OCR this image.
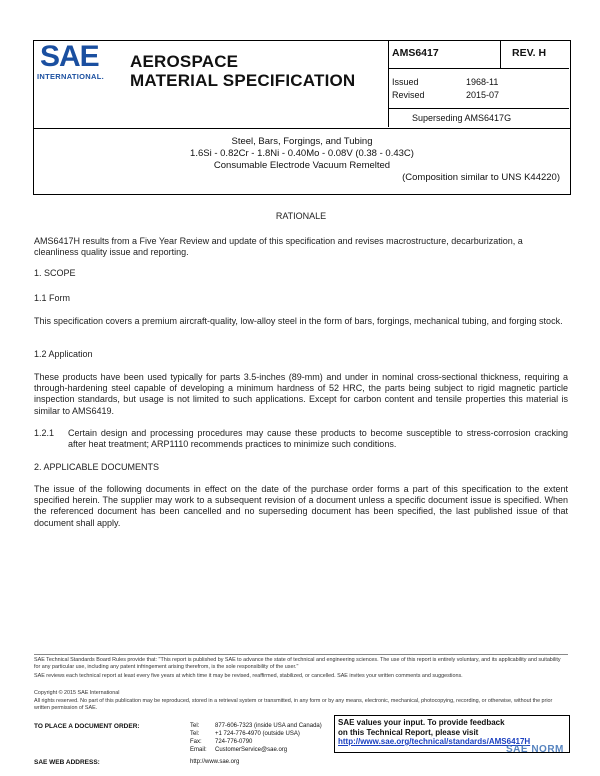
SAE
INTERNATIONAL.
AEROSPACE
MATERIAL SPECIFICATION
AMS6417	REV. H
Issued	1968-11
Revised	2015-07
Superseding AMS6417G
Steel, Bars, Forgings, and Tubing
1.6Si - 0.82Cr - 1.8Ni - 0.40Mo - 0.08V (0.38 - 0.43C)
Consumable Electrode Vacuum Remelted
(Composition similar to UNS K44220)
RATIONALE
AMS6417H results from a Five Year Review and update of this specification and revises macrostructure, decarburization, a cleanliness quality issue and reporting.
1. SCOPE
1.1 Form
This specification covers a premium aircraft-quality, low-alloy steel in the form of bars, forgings, mechanical tubing, and forging stock.
1.2 Application
These products have been used typically for parts 3.5-inches (89-mm) and under in nominal cross-sectional thickness, requiring a through-hardening steel capable of developing a minimum hardness of 52 HRC, the parts being subject to rigid magnetic particle inspection standards, but usage is not limited to such applications. Except for carbon content and tensile properties this material is similar to AMS6419.
1.2.1	Certain design and processing procedures may cause these products to become susceptible to stress-corrosion cracking after heat treatment; ARP1110 recommends practices to minimize such conditions.
2. APPLICABLE DOCUMENTS
The issue of the following documents in effect on the date of the purchase order forms a part of this specification to the extent specified herein. The supplier may work to a subsequent revision of a document unless a specific document issue is specified. When the referenced document has been cancelled and no superseding document has been specified, the last published issue of that document shall apply.
SAE Technical Standards Board Rules provide that: "This report is published by SAE to advance the state of technical and engineering sciences. The use of this report is entirely voluntary, and its applicability and suitability for any particular use, including any patent infringement arising therefrom, is the sole responsibility of the user."
SAE reviews each technical report at least every five years at which time it may be revised, reaffirmed, stabilized, or cancelled. SAE invites your written comments and suggestions.
Copyright © 2015 SAE International
All rights reserved. No part of this publication may be reproduced, stored in a retrieval system or transmitted, in any form or by any means, electronic, mechanical, photocopying, recording, or otherwise, without the prior written permission of SAE.
TO PLACE A DOCUMENT ORDER:	Tel:	877-606-7323 (inside USA and Canada)
Tel:	+1 724-776-4970 (outside USA)
Fax: 724-776-0790
Email: CustomerService@sae.org
SAE WEB ADDRESS:	http://www.sae.org
SAE values your input. To provide feedback
on this Technical Report, please visit
http://www.sae.org/technical/standards/AMS6417H
SAE NORM
